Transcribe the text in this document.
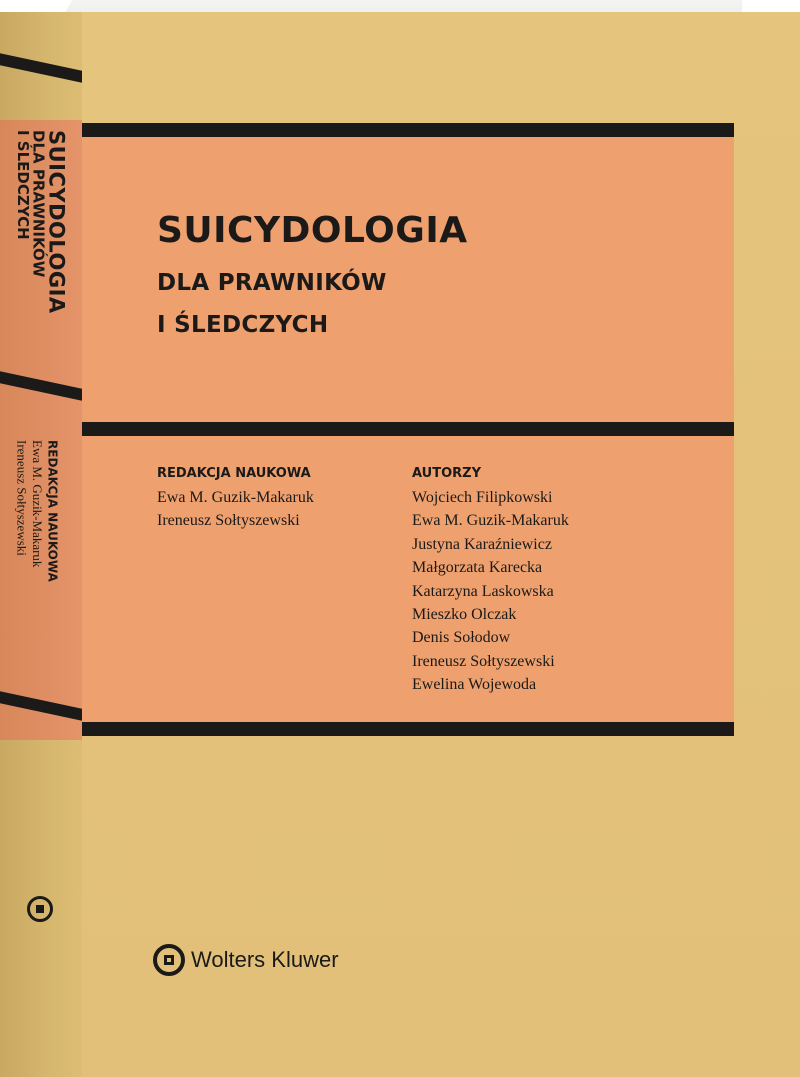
SUICYDOLOGIA
DLA PRAWNIKÓW
I ŚLEDCZYCH
REDAKCJA NAUKOWA
Ewa M. Guzik-Makaruk
Ireneusz Sołtyszewski
SUICYDOLOGIA
DLA PRAWNIKÓW
I ŚLEDCZYCH
REDAKCJA NAUKOWA
Ewa M. Guzik-Makaruk
Ireneusz Sołtyszewski
AUTORZY
Wojciech Filipkowski
Ewa M. Guzik-Makaruk
Justyna Karaźniewicz
Małgorzata Karecka
Katarzyna Laskowska
Mieszko Olczak
Denis Sołodow
Ireneusz Sołtyszewski
Ewelina Wojewoda
Wolters Kluwer
